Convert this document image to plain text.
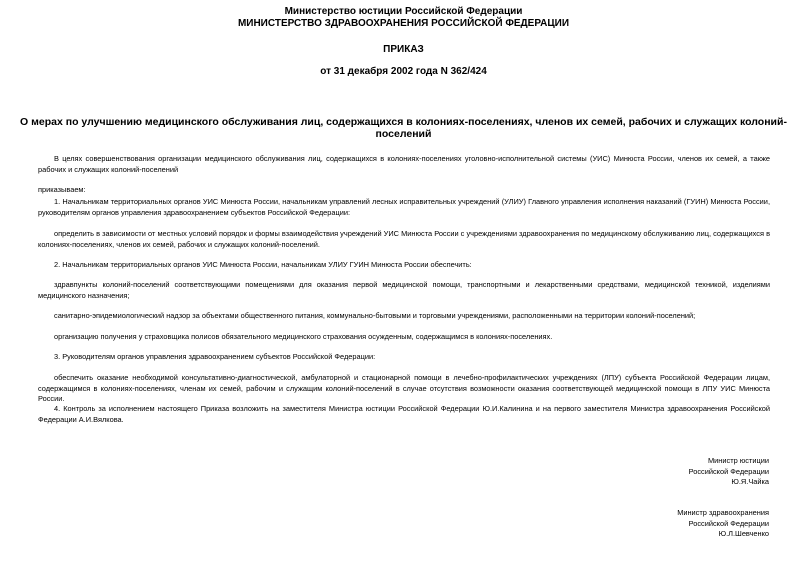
Министерство юстиции Российской Федерации
МИНИСТЕРСТВО ЗДРАВООХРАНЕНИЯ РОССИЙСКОЙ ФЕДЕРАЦИИ
ПРИКАЗ
от 31 декабря 2002 года N 362/424
О мерах по улучшению медицинского обслуживания лиц, содержащихся в колониях-поселениях, членов их семей, рабочих и служащих колоний-поселений

В целях совершенствования организации медицинского обслуживания лиц, содержащихся в колониях-поселениях уголовно-исполнительной системы (УИС) Минюста России, членов их семей, а также рабочих и служащих колоний-поселений

приказываем:

1. Начальникам территориальных органов УИС Минюста России, начальникам управлений лесных исправительных учреждений (УЛИУ) Главного управления исполнения наказаний (ГУИН) Минюста России, руководителям органов управления здравоохранением субъектов Российской Федерации:

определить в зависимости от местных условий порядок и формы взаимодействия учреждений УИС Минюста России с учреждениями здравоохранения по медицинскому обслуживанию лиц, содержащихся в колониях-поселениях, членов их семей, рабочих и служащих колоний-поселений.

2. Начальникам территориальных органов УИС Минюста России, начальникам УЛИУ ГУИН Минюста России обеспечить:

здравпункты колоний-поселений соответствующими помещениями для оказания первой медицинской помощи, транспортными и лекарственными средствами, медицинской техникой, изделиями медицинского назначения;

санитарно-эпидемиологический надзор за объектами общественного питания, коммунально-бытовыми и торговыми учреждениями, расположенными на территории колоний-поселений;

организацию получения у страховщика полисов обязательного медицинского страхования осужденным, содержащимся в колониях-поселениях.

3. Руководителям органов управления здравоохранением субъектов Российской Федерации:

обеспечить оказание необходимой консультативно-диагностической, амбулаторной и стационарной помощи в лечебно-профилактических учреждениях (ЛПУ) субъекта Российской Федерации лицам, содержащимся в колониях-поселениях, членам их семей, рабочим и служащим колоний-поселений в случае отсутствия возможности оказания соответствующей медицинской помощи в ЛПУ УИС Минюста России.

4. Контроль за исполнением настоящего Приказа возложить на заместителя Министра юстиции Российской Федерации Ю.И.Калинина и на первого заместителя Министра здравоохранения Российской Федерации А.И.Вялкова.

Министр юстиции
Российской Федерации
Ю.Я.Чайка
Министр здравоохранения
Российской Федерации
Ю.Л.Шевченко
